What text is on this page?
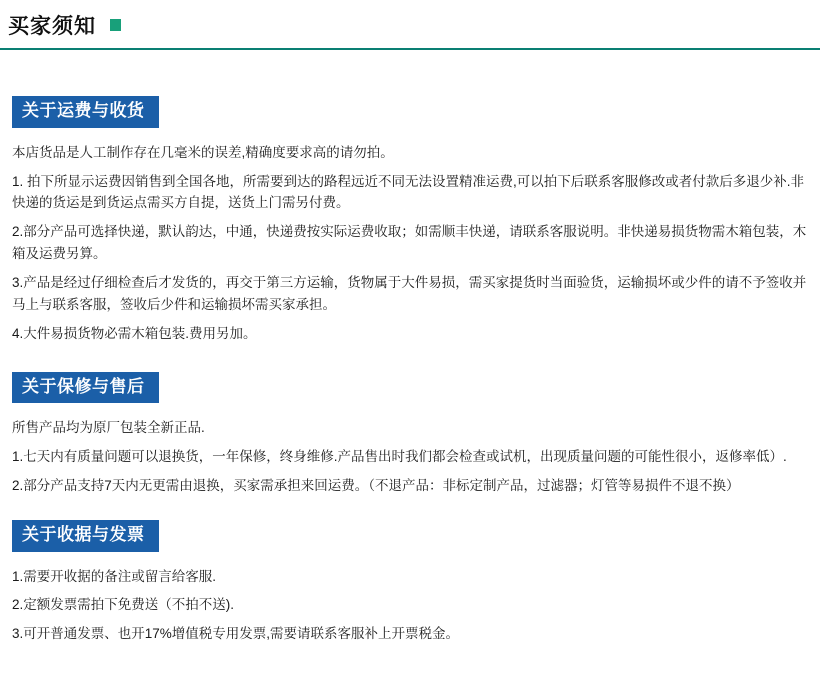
买家须知
关于运费与收货

本店货品是人工制作存在几毫米的误差,精确度要求高的请勿拍。

1. 拍下所显示运费因销售到全国各地，所需要到达的路程远近不同无法设置精准运费,可以拍下后联系客服修改或者付款后多退少补.非快递的货运是到货运点需买方自提，送货上门需另付费。

2.部分产品可选择快递，默认韵达，中通，快递费按实际运费收取；如需顺丰快递，请联系客服说明。非快递易损货物需木箱包装，木箱及运费另算。

3.产品是经过仔细检查后才发货的，再交于第三方运输，货物属于大件易损，需买家提货时当面验货，运输损坏或少件的请不予签收并马上与联系客服，签收后少件和运输损坏需买家承担。

4.大件易损货物必需木箱包装.费用另加。

关于保修与售后

所售产品均为原厂包装全新正品.

1.七天内有质量问题可以退换货，一年保修，终身维修.产品售出时我们都会检查或试机，出现质量问题的可能性很小，返修率低）.

2.部分产品支持7天内无更需由退换，买家需承担来回运费。（不退产品：非标定制产品，过滤器；灯管等易损件不退不换）

关于收据与发票

1.需要开收据的备注或留言给客服.

2.定额发票需拍下免费送（不拍不送).

3.可开普通发票、也开17%增值税专用发票,需要请联系客服补上开票税金。
